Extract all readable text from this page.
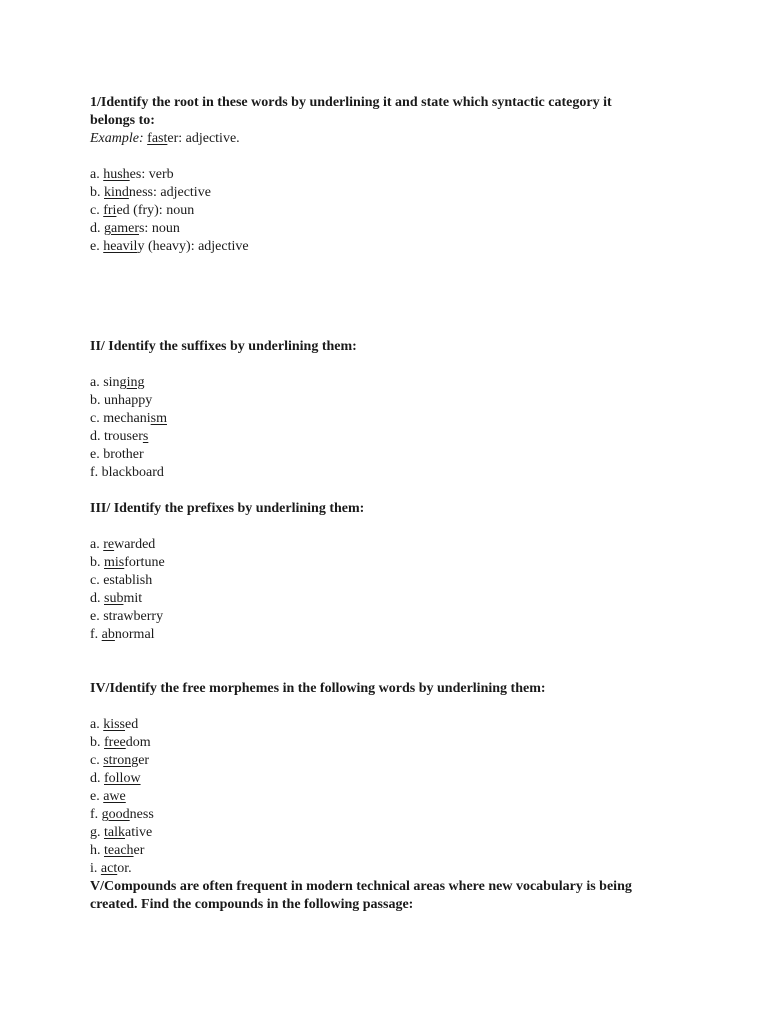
1/Identify the root in these words by underlining it and state which syntactic category it
belongs to:
Example: faster: adjective.
a. hushes: verb
b. kindness: adjective
c. fried (fry): noun
d. gamers: noun
e. heavily (heavy): adjective
II/ Identify the suffixes by underlining them:
a. singing
b. unhappy
c. mechanism
d. trousers
e. brother
f. blackboard
III/ Identify the prefixes by underlining them:
a. rewarded
b. misfortune
c. establish
d. submit
e. strawberry
f. abnormal
IV/Identify the free morphemes in the following words by underlining them:
a. kissed
b. freedom
c. stronger
d. follow
e. awe
f. goodness
g. talkative
h. teacher
i. actor.
V/Compounds are often frequent in modern technical areas where new vocabulary is being
created. Find the compounds in the following passage:
